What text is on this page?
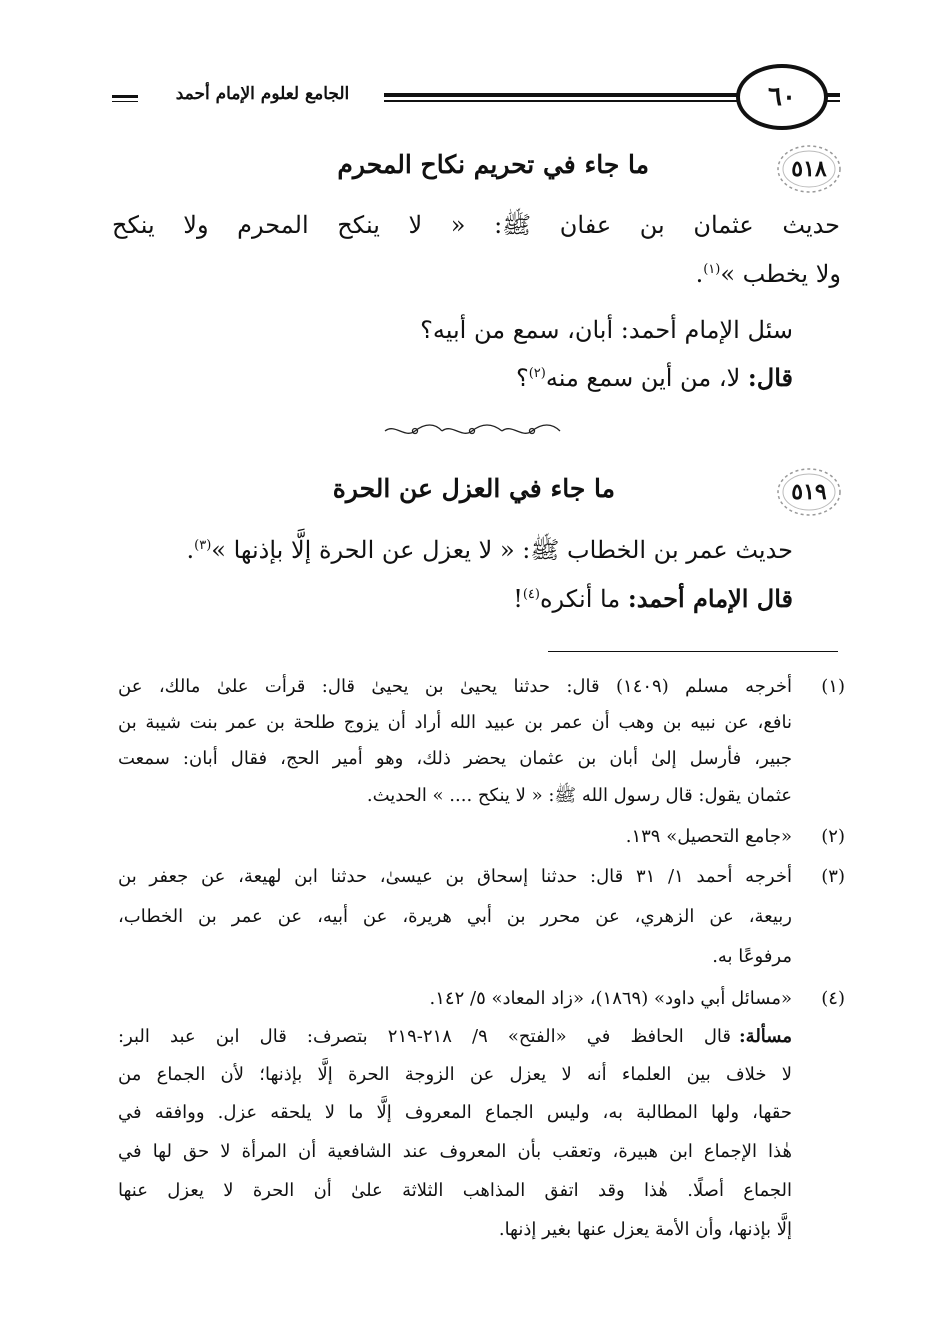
الجامع لعلوم الإمام أحمد	٦٠
٥١٨
ما جاء في تحريم نكاح المحرم
حديث عثمان بن عفان ﷺ: « لا ينكح المحرم ولا ينكح
ولا يخطب »$^{(١)}$.
سئل الإمام أحمد: أبان، سمع من أبيه؟
قال: لا، من أين سمع منه$^{(٢)}$؟
٥١٩
ما جاء في العزل عن الحرة
حديث عمر بن الخطاب ﷺ: « لا يعزل عن الحرة إلَّا بإذنها »$^{(٣)}$.
قال الإمام أحمد: ما أنكره$^{(٤)}$!
(١)
أخرجه مسلم (١٤٠٩) قال: حدثنا يحيىٰ بن يحيىٰ قال: قرأت علىٰ مالك، عن
نافع، عن نبيه بن وهب أن عمر بن عبيد الله أراد أن يزوج طلحة بن عمر بنت شيبة بن
جبير، فأرسل إلىٰ أبان بن عثمان يحضر ذلك، وهو أمير الحج، فقال أبان: سمعت
عثمان يقول: قال رسول الله ﷺ: « لا ينكح .... » الحديث.
(٢)
«جامع التحصيل» ١٣٩.
(٣)
أخرجه أحمد ١/ ٣١ قال: حدثنا إسحاق بن عيسىٰ، حدثنا ابن لهيعة، عن جعفر بن
ربيعة، عن الزهري، عن محرر بن أبي هريرة، عن أبيه، عن عمر بن الخطاب،
مرفوعًا به.
(٤)
«مسائل أبي داود» (١٨٦٩)، «زاد المعاد» ٥/ ١٤٢.
مسألة:
قال الحافظ في «الفتح» ٩/ ٢١٨-٢١٩ بتصرف: قال ابن عبد البر:
لا خلاف بين العلماء أنه لا يعزل عن الزوجة الحرة إلَّا بإذنها؛ لأن الجماع من
حقها، ولها المطالبة به، وليس الجماع المعروف إلَّا ما لا يلحقه عزل. ووافقه في
هٰذا الإجماع ابن هبيرة، وتعقب بأن المعروف عند الشافعية أن المرأة لا حق لها في
الجماع أصلًا. هٰذا وقد اتفق المذاهب الثلاثة علىٰ أن الحرة لا يعزل عنها
إلَّا بإذنها، وأن الأمة يعزل عنها بغير إذنها.
